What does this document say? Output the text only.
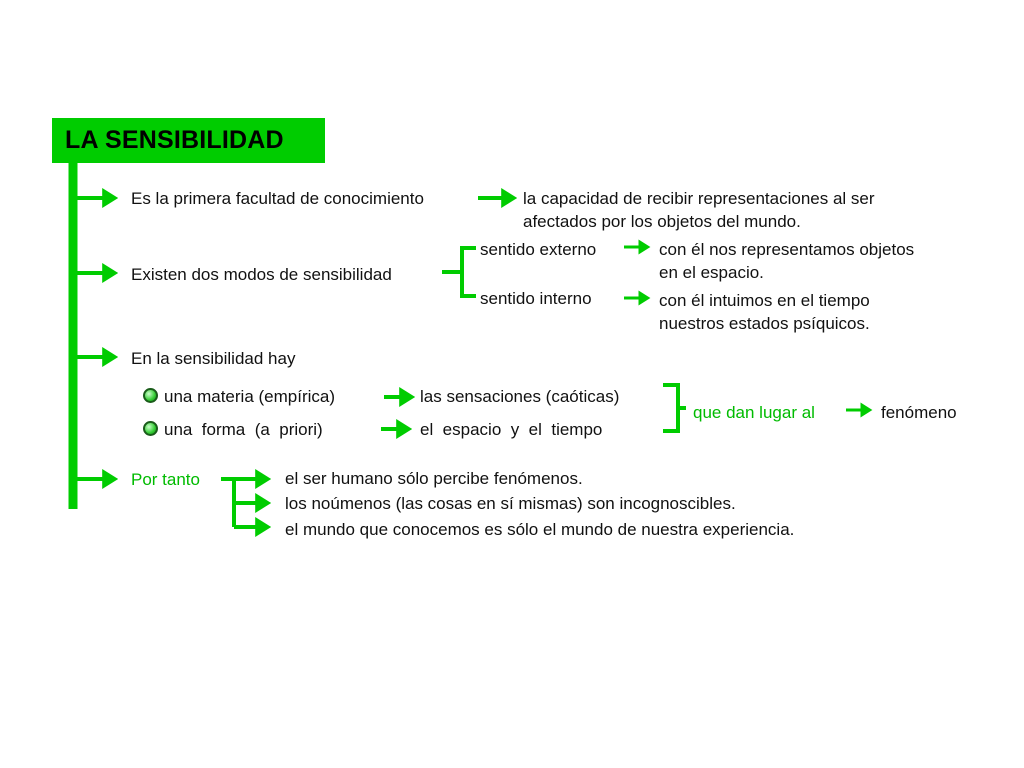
LA SENSIBILIDAD
Es la primera facultad de conocimiento	la capacidad de recibir representaciones al ser
afectados por los objetos del mundo.
Existen dos modos de sensibilidad
sentido externo	con él nos representamos objetos
en el espacio.
sentido interno	con él intuimos en el tiempo
nuestros estados psíquicos.
En la sensibilidad hay
una materia (empírica)	las sensaciones (caóticas)
una  forma  (a  priori)	el  espacio  y  el  tiempo
que dan lugar al	fenómeno
Por tanto	el ser humano sólo percibe fenómenos.
los noúmenos (las cosas en sí mismas) son incognoscibles.
el mundo que conocemos es sólo el mundo de nuestra experiencia.
